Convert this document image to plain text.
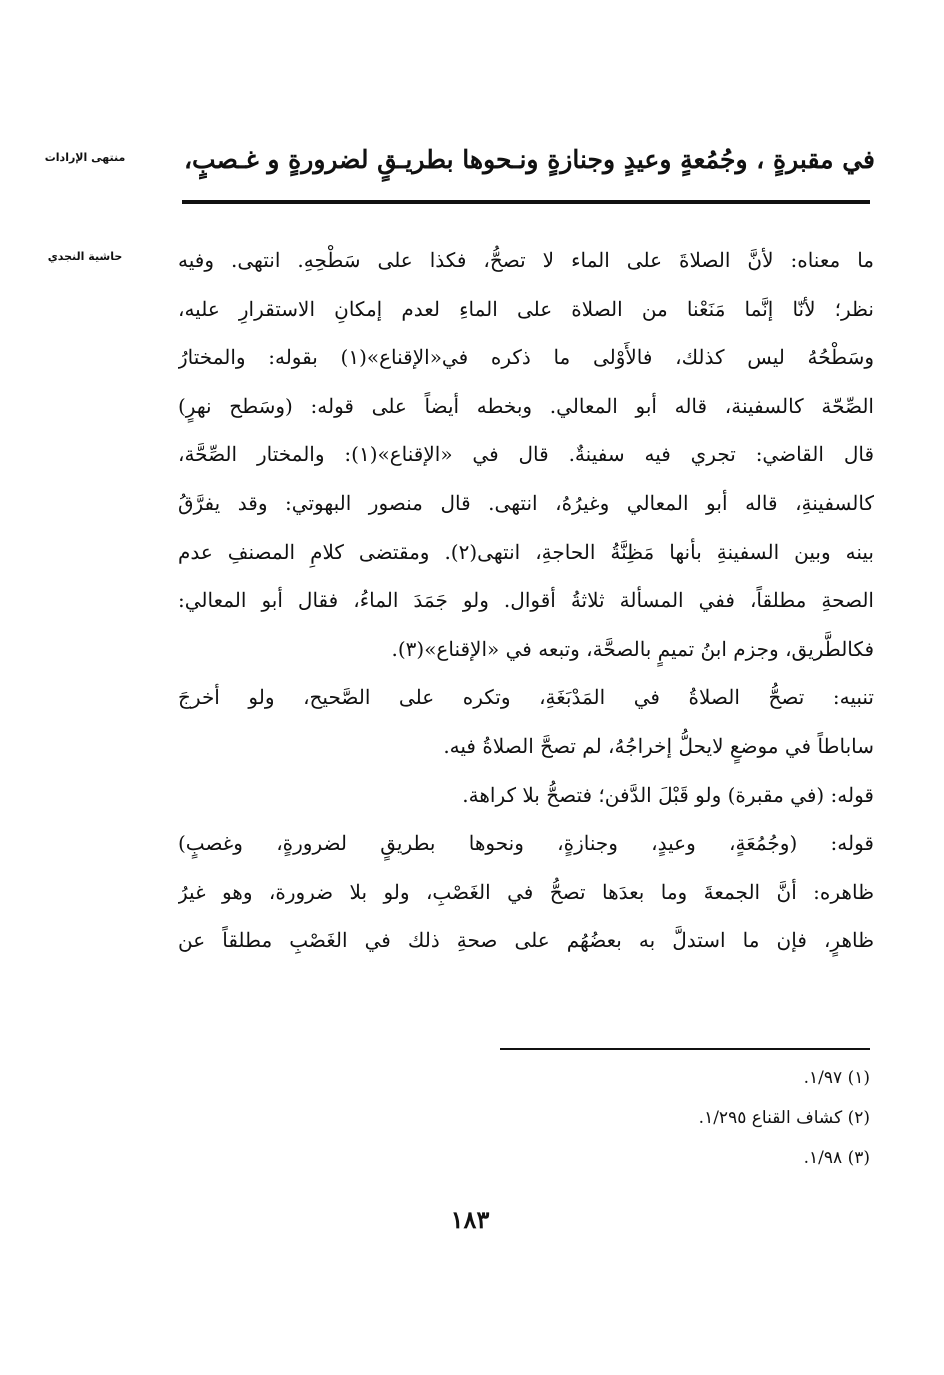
منتهى الإرادات
حاشية النجدي
في مقبرةٍ ، وجُمُعةٍ وعيدٍ وجنازةٍ ونـحوها بطريـقٍ لضرورةٍ و غـصبٍ،
ما معناه: لأنَّ الصلاةَ على الماء لا تصحُّ، فكذا على سَطْحِهِ. انتهى. وفيه
نظر؛ لأنّا إنَّما مَنَعْنا من الصلاة على الماءِ لعدم إمكانِ الاستقرارِ عليه،
وسَطْحُهُ ليس كذلك، فالأَوْلى ما ذكره في«الإقناع»(١) بقوله: والمختارُ
الصِّحّة كالسفينة، قاله أبو المعالي. وبخطه أيضاً على قوله: (وسَطح نهرٍ)
قال القاضي: تجري فيه سفينةٌ. قال في «الإقناع»(١): والمختار الصِّحَّة،
كالسفينةِ، قاله أبو المعالي وغيرُهُ، انتهى. قال منصور البهوتي: وقد يفرَّقُ
بينه وبين السفينةِ بأنها مَظِنَّةُ الحاجةِ، انتهى(٢). ومقتضى كلامِ المصنفِ عدم
الصحةِ مطلقاً، ففي المسألة ثلاثةُ أقوال. ولو جَمَدَ الماءُ، فقال أبو المعالي:
فكالطَّريق، وجزم ابنُ تميمٍ بالصحَّة، وتبعه في «الإقناع»(٣).
تنبيه: تصحُّ الصلاةُ في المَدْبَغَةِ، وتكره على الصَّحيح، ولو أخرجَ
ساباطاً في موضعٍ لايحلُّ إخراجُهُ، لم تصحَّ الصلاةُ فيه.
قوله: (في مقبرة) ولو قَبْلَ الدَّفن؛ فتصحُّ بلا كراهة.
قوله: (وجُمُعَةٍ، وعيدٍ، وجنازةٍ، ونحوها بطريقٍ لضرورةٍ، وغصبٍ)
ظاهره: أنَّ الجمعةَ وما بعدَها تصحُّ في الغَصْبِ، ولو بلا ضرورة، وهو غيرُ
ظاهرٍ، فإن ما استدلَّ به بعضُهُم على صحةِ ذلك في الغَصْبِ مطلقاً عن
(١) ١/٩٧.
(٢) كشاف القناع ١/٢٩٥.
(٣) ١/٩٨.
١٨٣
